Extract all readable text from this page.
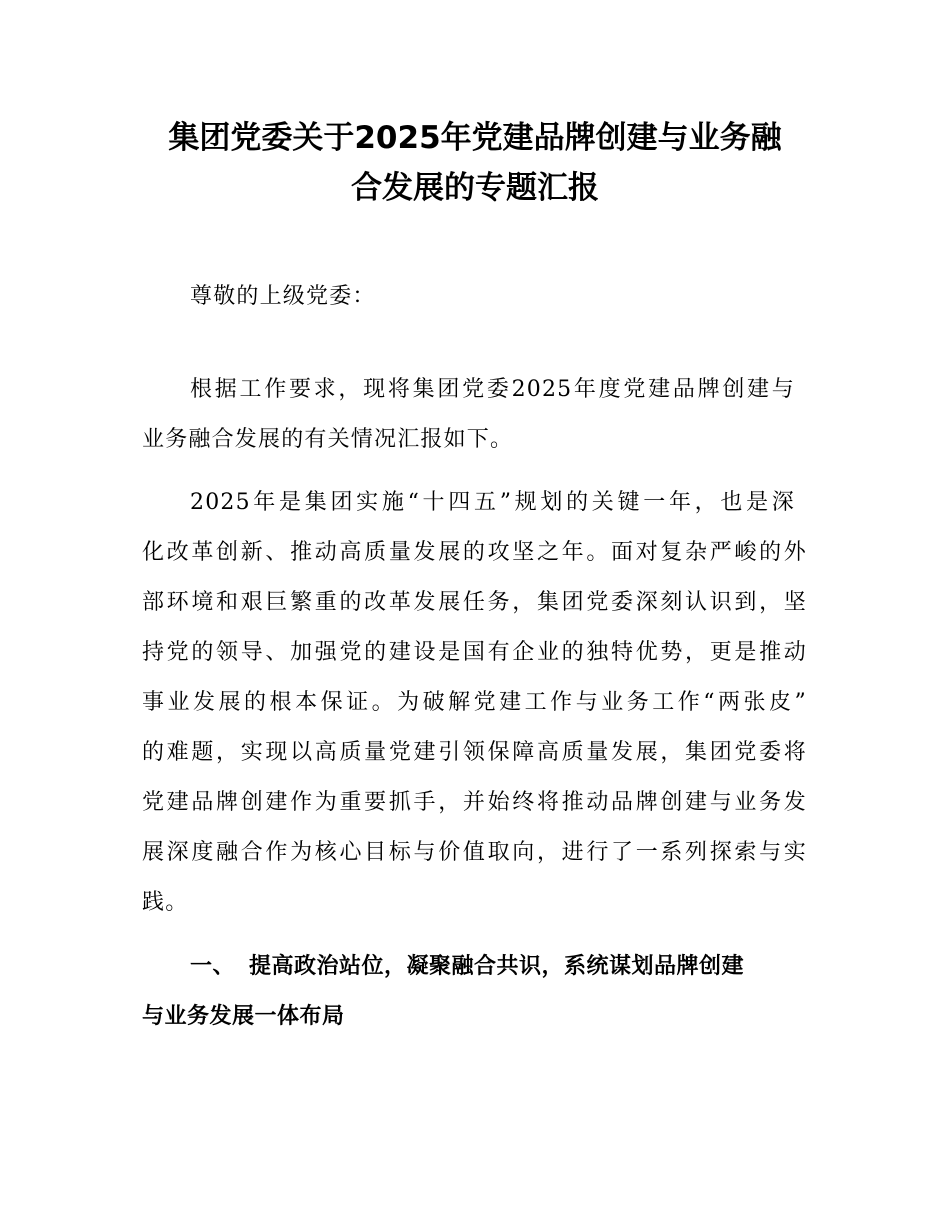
集团党委关于2025年党建品牌创建与业务融
合发展的专题汇报
尊敬的上级党委：
根据工作要求，现将集团党委2025年度党建品牌创建与
业务融合发展的有关情况汇报如下。
2025年是集团实施“十四五”规划的关键一年，也是深
化改革创新、推动高质量发展的攻坚之年。面对复杂严峻的外
部环境和艰巨繁重的改革发展任务，集团党委深刻认识到，坚
持党的领导、加强党的建设是国有企业的独特优势，更是推动
事业发展的根本保证。为破解党建工作与业务工作“两张皮”
的难题，实现以高质量党建引领保障高质量发展，集团党委将
党建品牌创建作为重要抓手，并始终将推动品牌创建与业务发
展深度融合作为核心目标与价值取向，进行了一系列探索与实
践。
一、 提高政治站位，凝聚融合共识，系统谋划品牌创建
与业务发展一体布局
